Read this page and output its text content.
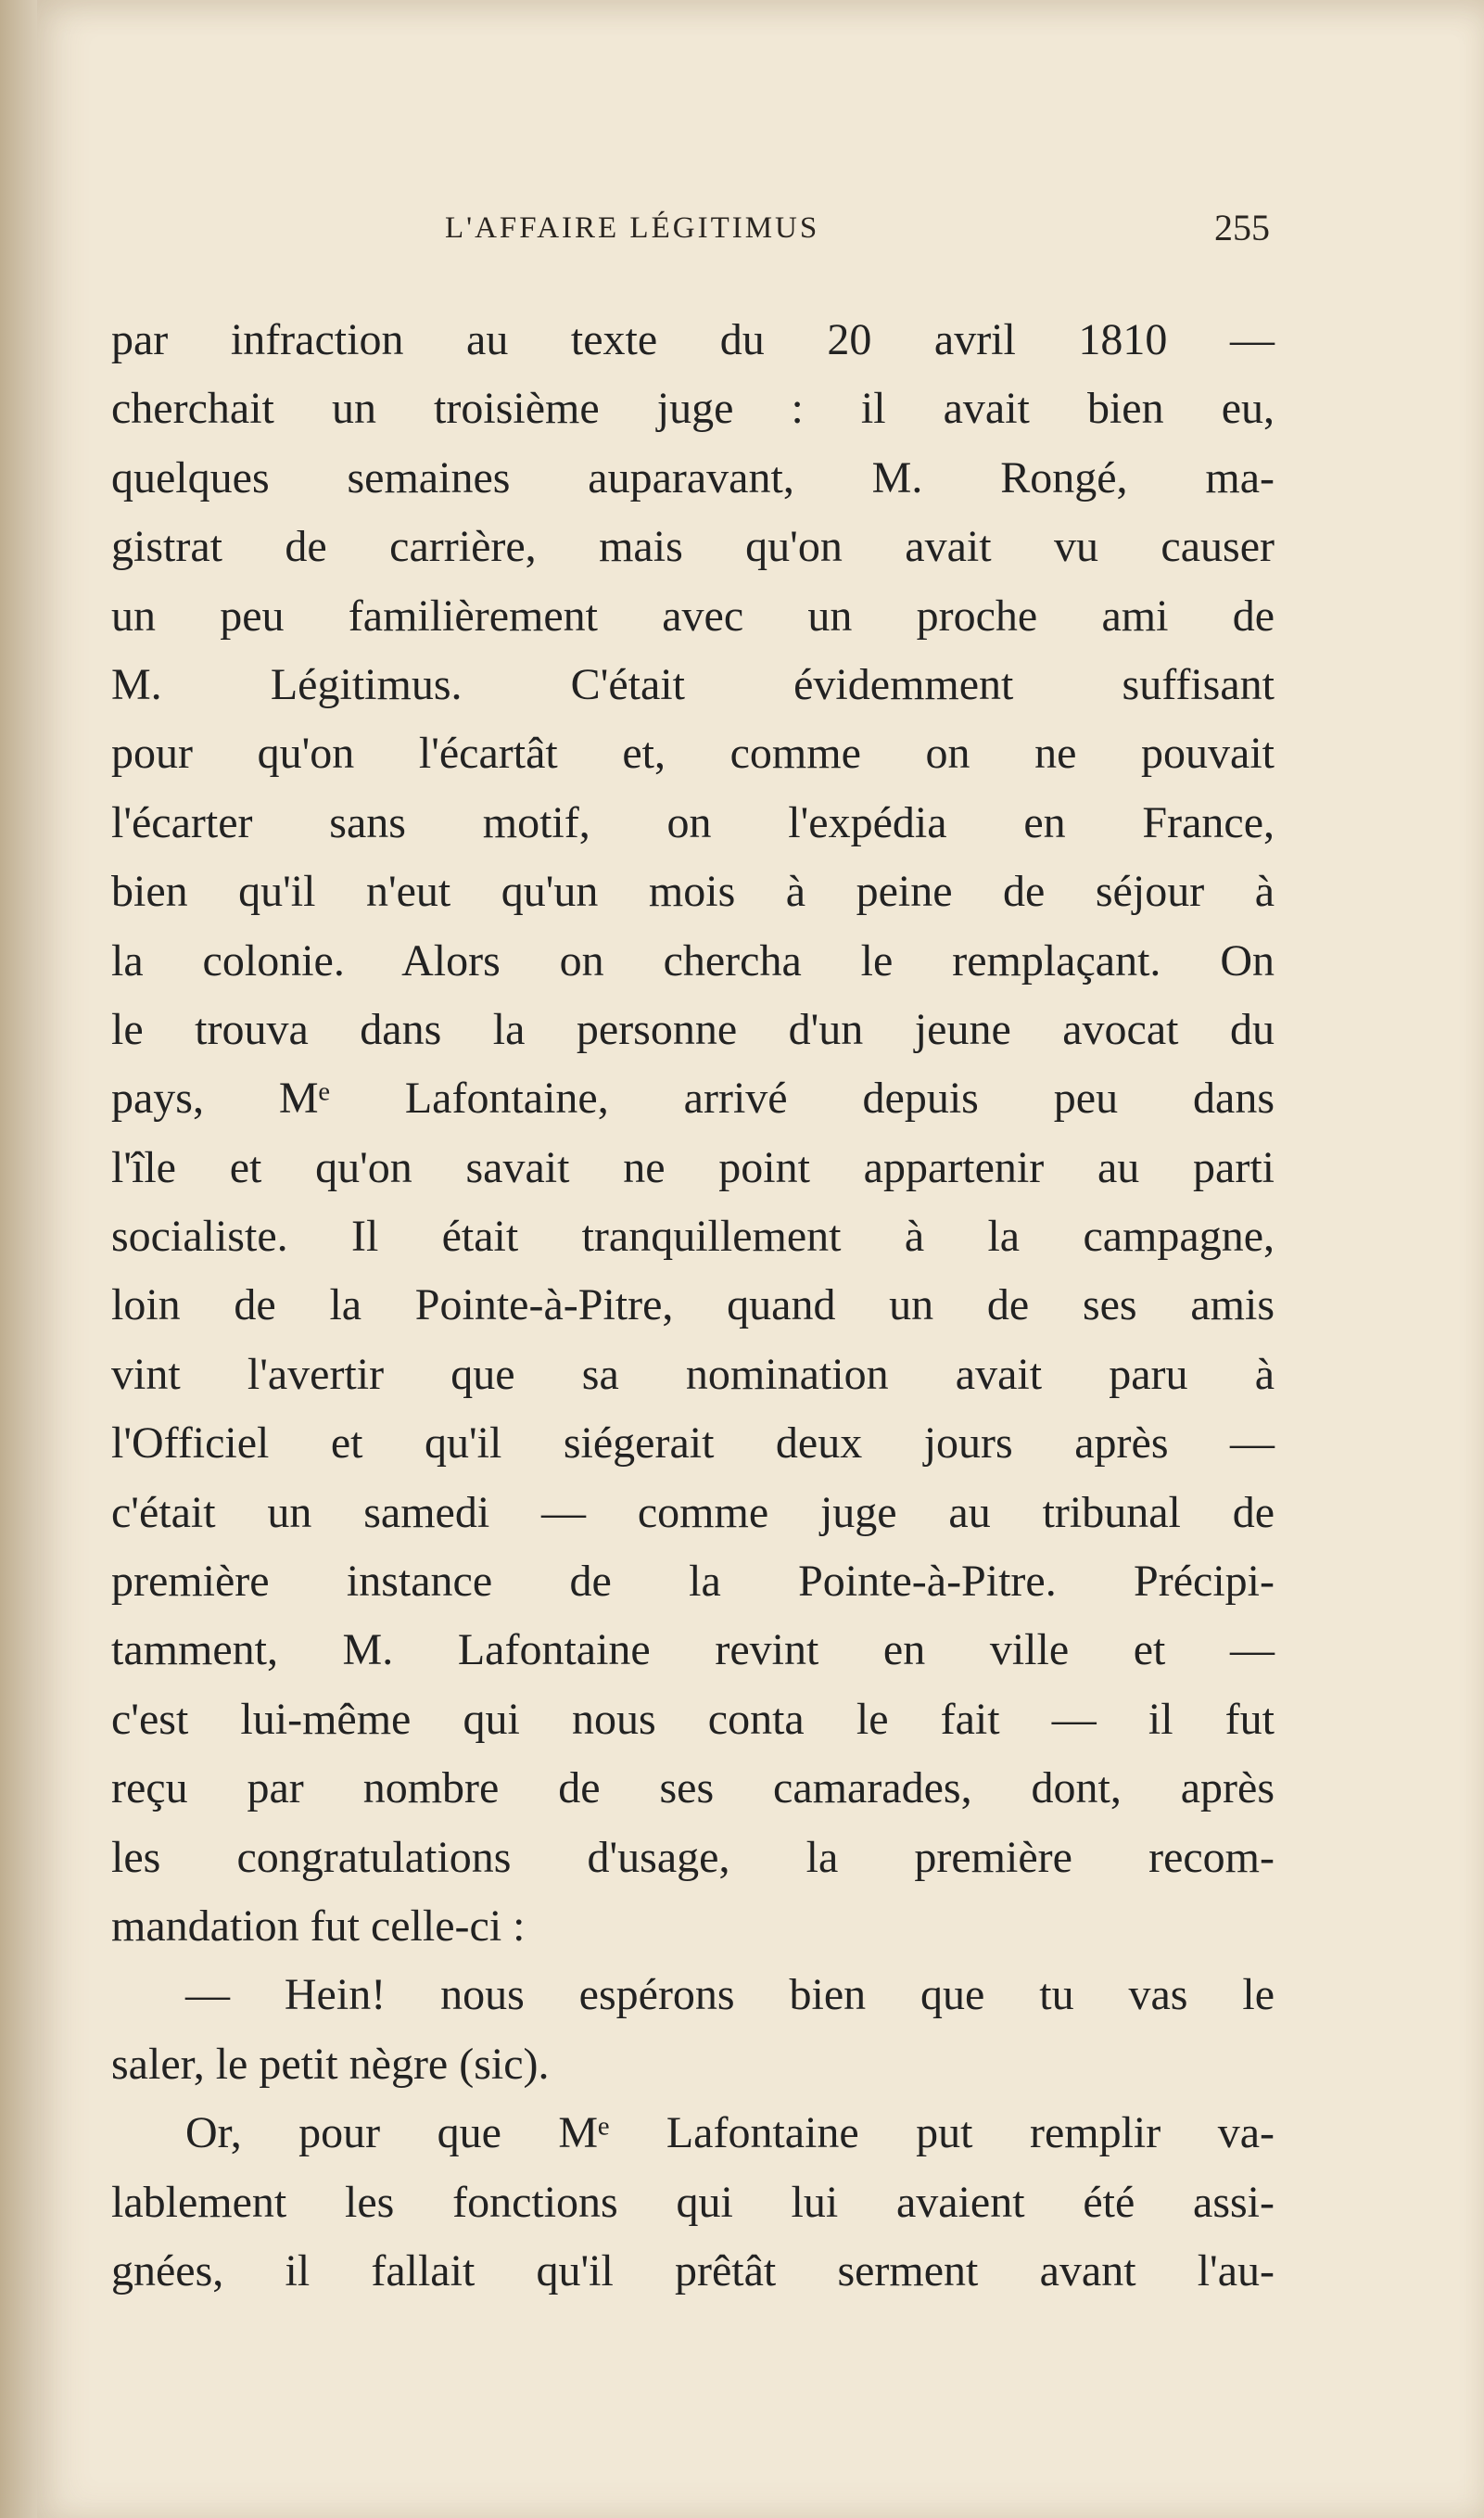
L'AFFAIRE LÉGITIMUS	255
par infraction au texte du 20 avril 1810 —
cherchait un troisième juge : il avait bien eu,
quelques semaines auparavant, M. Rongé, ma-
gistrat de carrière, mais qu'on avait vu causer
un peu familièrement avec un proche ami de
M. Légitimus. C'était évidemment suffisant
pour qu'on l'écartât et, comme on ne pouvait
l'écarter sans motif, on l'expédia en France,
bien qu'il n'eut qu'un mois à peine de séjour à
la colonie. Alors on chercha le remplaçant. On
le trouva dans la personne d'un jeune avocat du
pays, Mᵉ Lafontaine, arrivé depuis peu dans
l'île et qu'on savait ne point appartenir au parti
socialiste. Il était tranquillement à la campagne,
loin de la Pointe-à-Pitre, quand un de ses amis
vint l'avertir que sa nomination avait paru à
l'Officiel et qu'il siégerait deux jours après —
c'était un samedi — comme juge au tribunal de
première instance de la Pointe-à-Pitre. Précipi-
tamment, M. Lafontaine revint en ville et —
c'est lui-même qui nous conta le fait — il fut
reçu par nombre de ses camarades, dont, après
les congratulations d'usage, la première recom-
mandation fut celle-ci :
— Hein! nous espérons bien que tu vas le
saler, le petit nègre (sic).
Or, pour que Mᵉ Lafontaine put remplir va-
lablement les fonctions qui lui avaient été assi-
gnées, il fallait qu'il prêtât serment avant l'au-
